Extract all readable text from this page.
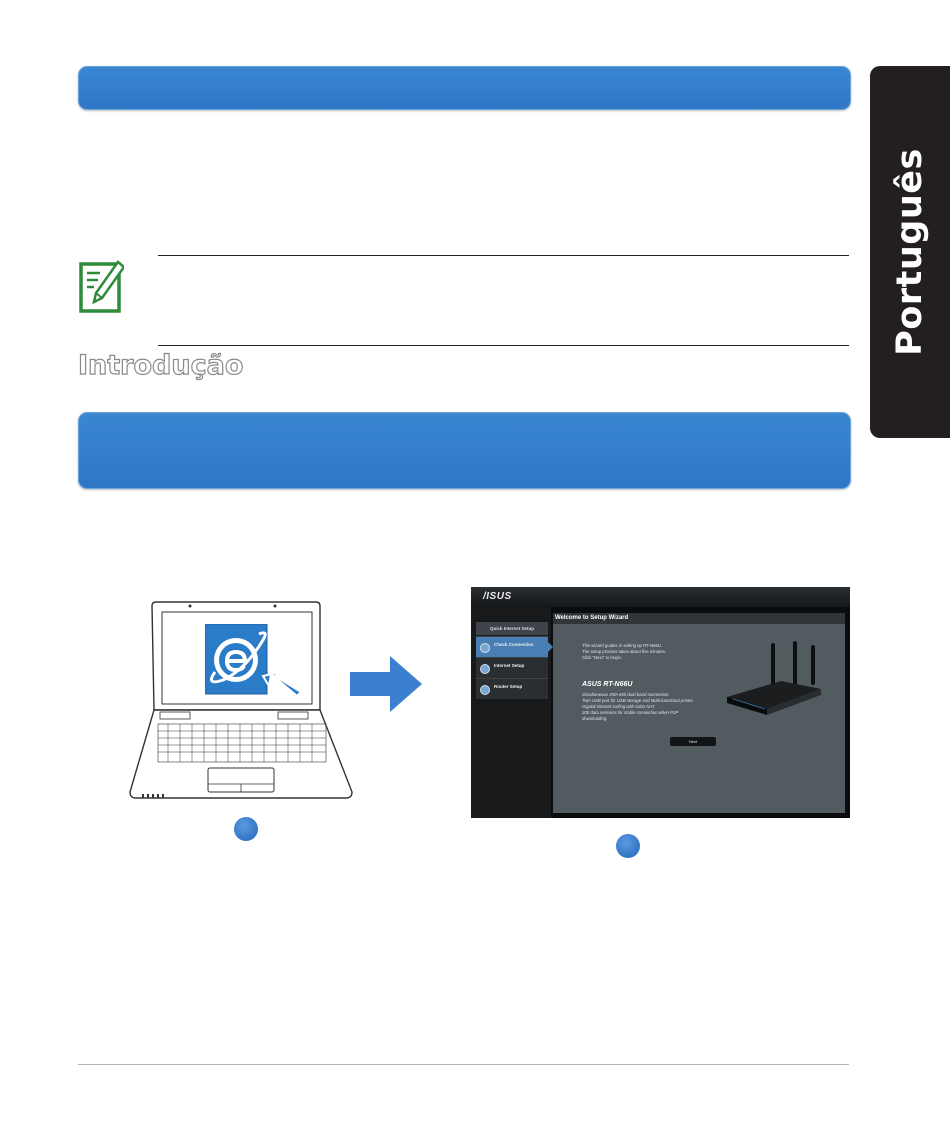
Português
Introdução
/ISUS
Quick Internet Setup
Check Connection
Internet Setup
Router Setup
Welcome to Setup Wizard
This wizard guides in setting up RT-N66U.
The setup process takes about five minutes.
Click "Next" to begin.
ASUS RT-N66U
Simultaneous 450+450 dual-band connection.
Twin USB port for USB storage and Multi-functional printer.
Gigabit internet surfing with turbo NAT.
300 data sessions for stable connection when P2P
downloading.
Next
